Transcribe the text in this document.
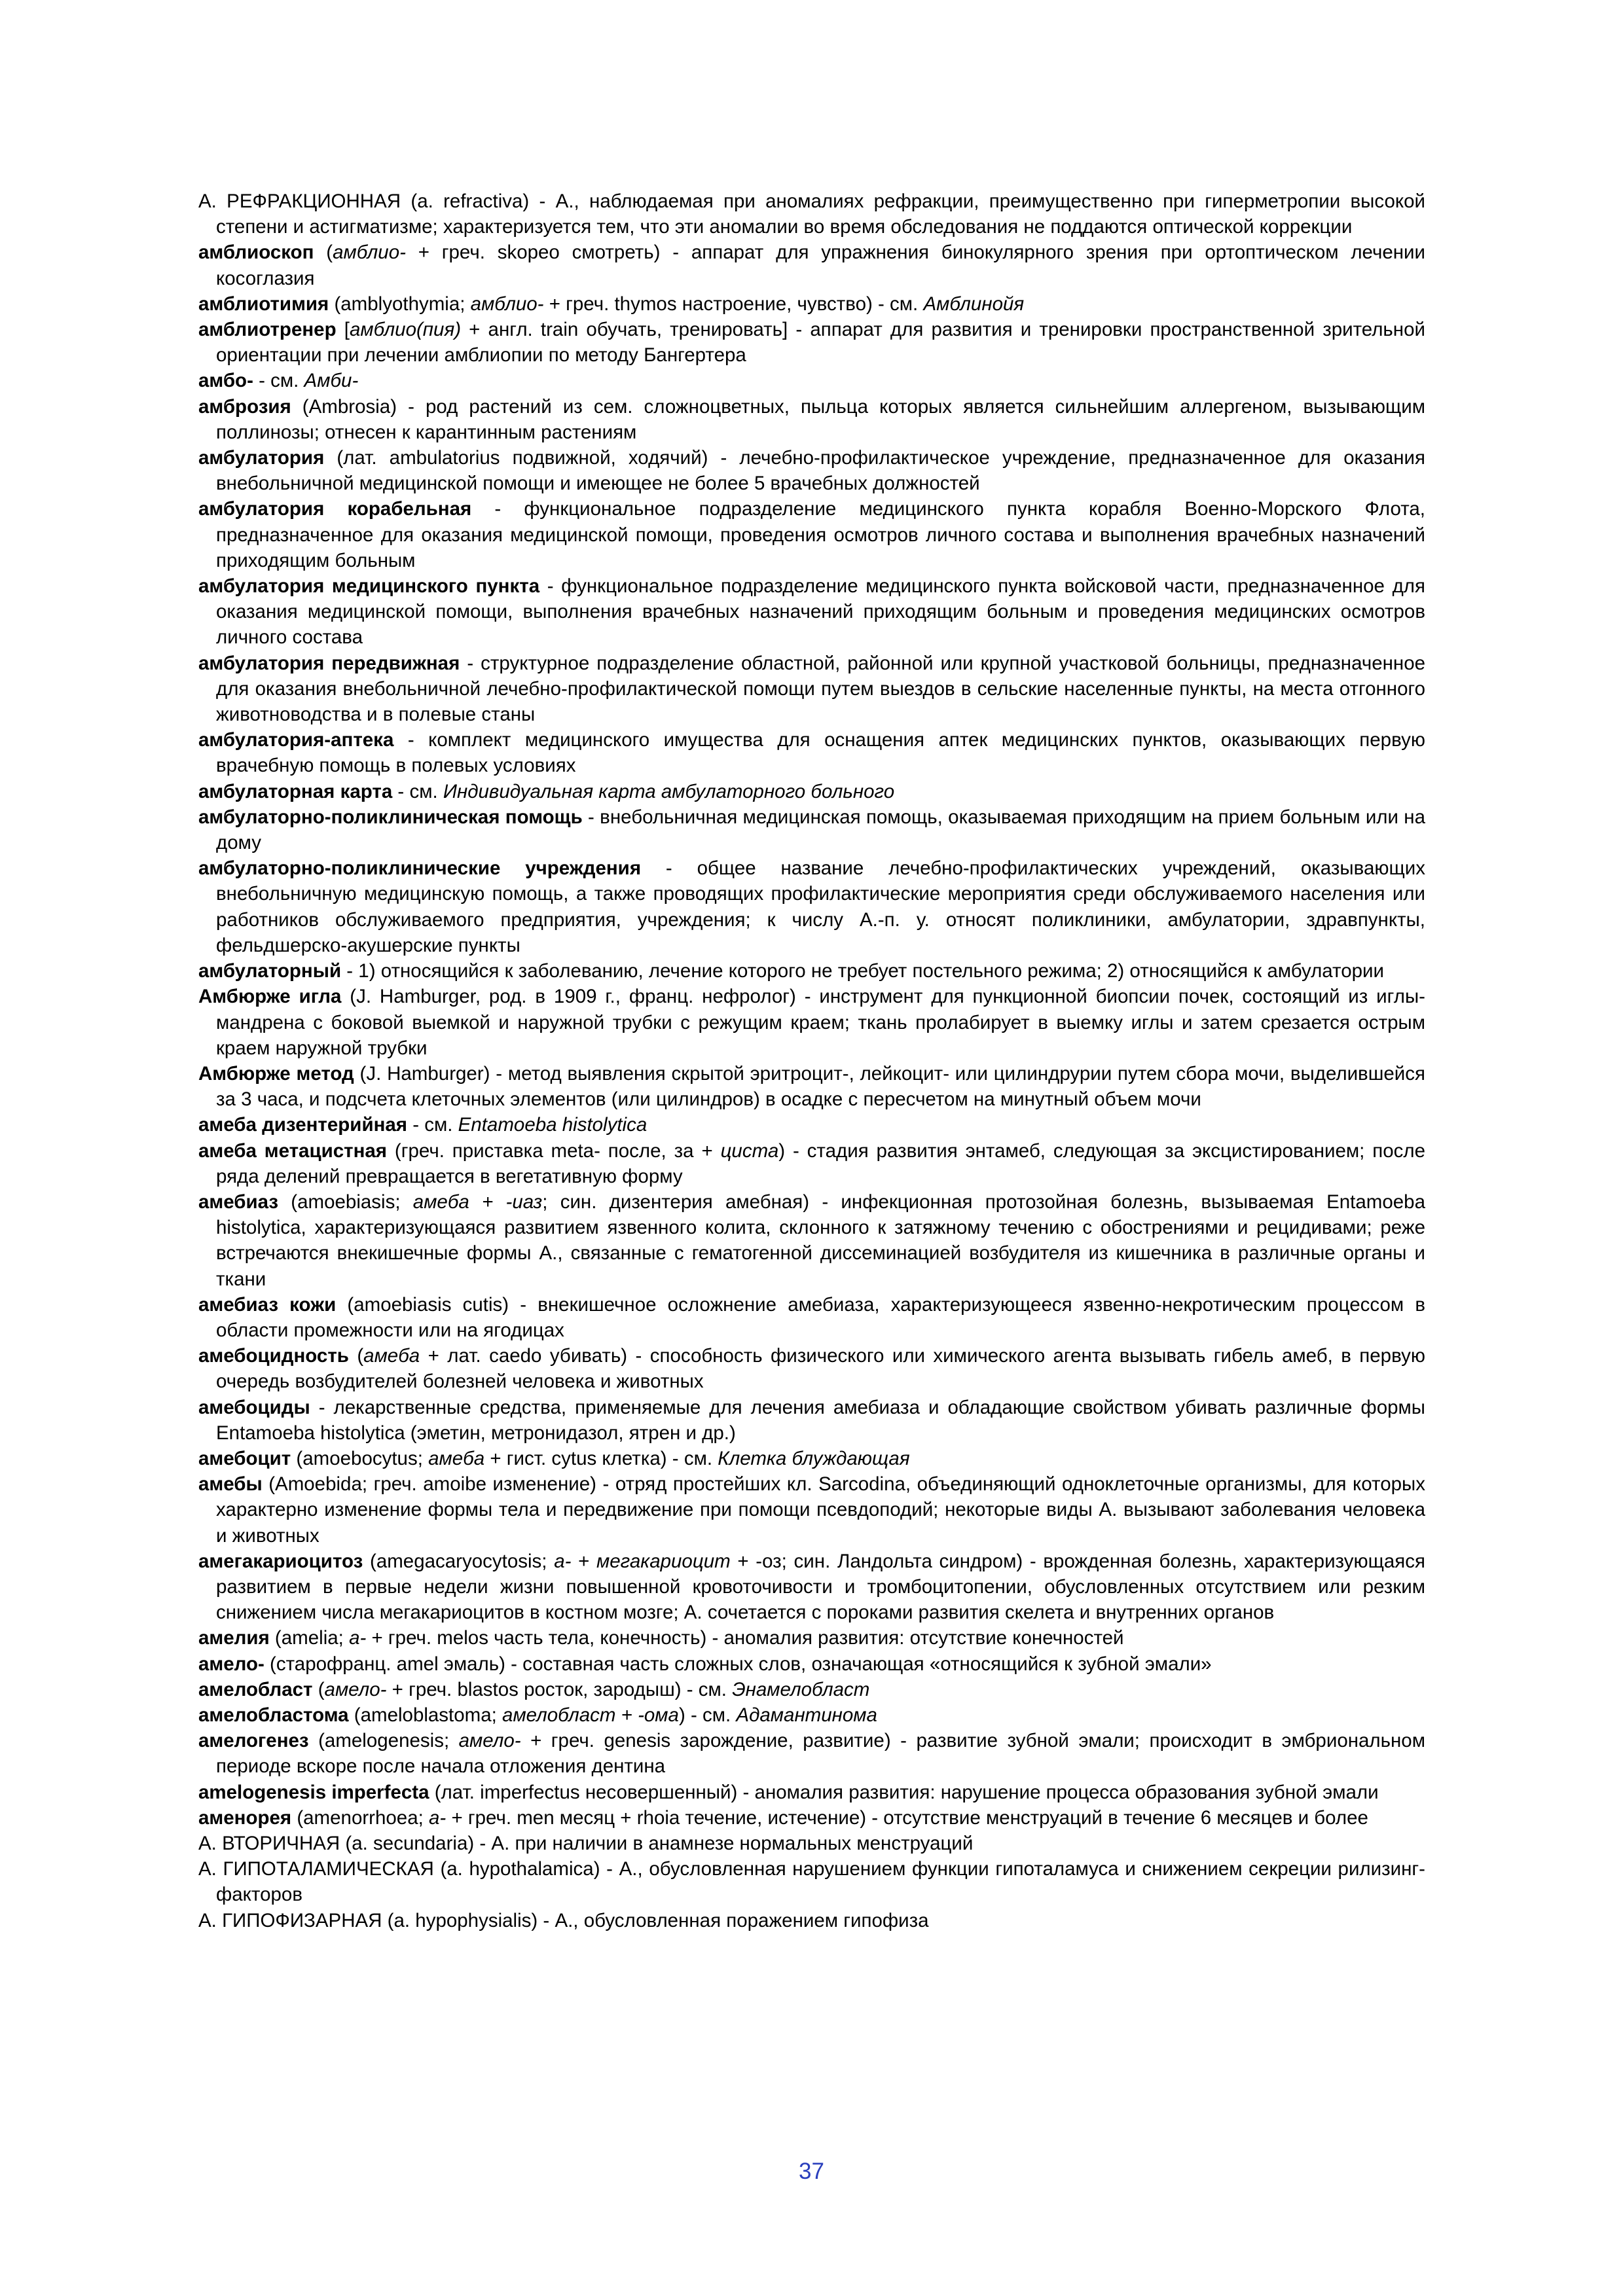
А. РЕФРАКЦИОННАЯ (a. refractiva) - А., наблюдаемая при аномалиях рефракции, преимущественно при гиперметропии высокой степени и астигматизме; характеризуется тем, что эти аномалии во время обследования не поддаются оптической коррекции

амблиоскоп (амблио- + греч. skopeo смотреть) - аппарат для упражнения бинокулярного зрения при ортоптическом лечении косоглазия

амблиотимия (amblyothymia; амблио- + греч. thymos настроение, чувство) - см. Амблинойя

амблиотренер [амблио(пия) + англ. train обучать, тренировать] - аппарат для развития и тренировки пространственной зрительной ориентации при лечении амблиопии по методу Бангертера

амбо- - см. Амби-

амброзия (Ambrosia) - род растений из сем. сложноцветных, пыльца которых является сильнейшим аллергеном, вызывающим поллинозы; отнесен к карантинным растениям

амбулатория (лат. ambulatorius подвижной, ходячий) - лечебно-профилактическое учреждение, предназначенное для оказания внебольничной медицинской помощи и имеющее не более 5 врачебных должностей

амбулатория корабельная - функциональное подразделение медицинского пункта корабля Военно-Морского Флота, предназначенное для оказания медицинской помощи, проведения осмотров личного состава и выполнения врачебных назначений приходящим больным

амбулатория медицинского пункта - функциональное подразделение медицинского пункта войсковой части, предназначенное для оказания медицинской помощи, выполнения врачебных назначений приходящим больным и проведения медицинских осмотров личного состава

амбулатория передвижная - структурное подразделение областной, районной или крупной участковой больницы, предназначенное для оказания внебольничной лечебно-профилактической помощи путем выездов в сельские населенные пункты, на места отгонного животноводства и в полевые станы

амбулатория-аптека - комплект медицинского имущества для оснащения аптек медицинских пунктов, оказывающих первую врачебную помощь в полевых условиях

амбулаторная карта - см. Индивидуальная карта амбулаторного больного

амбулаторно-поликлиническая помощь - внебольничная медицинская помощь, оказываемая приходящим на прием больным или на дому

амбулаторно-поликлинические учреждения - общее название лечебно-профилактических учреждений, оказывающих внебольничную медицинскую помощь, а также проводящих профилактические мероприятия среди обслуживаемого населения или работников обслуживаемого предприятия, учреждения; к числу А.-п. у. относят поликлиники, амбулатории, здравпункты, фельдшерско-акушерские пункты

амбулаторный - 1) относящийся к заболеванию, лечение которого не требует постельного режима; 2) относящийся к амбулатории

Амбюрже игла (J. Hamburger, род. в 1909 г., франц. нефролог) - инструмент для пункционной биопсии почек, состоящий из иглы-мандрена с боковой выемкой и наружной трубки с режущим краем; ткань пролабирует в выемку иглы и затем срезается острым краем наружной трубки

Амбюрже метод (J. Hamburger) - метод выявления скрытой эритроцит-, лейкоцит- или цилиндрурии путем сбора мочи, выделившейся за 3 часа, и подсчета клеточных элементов (или цилиндров) в осадке с пересчетом на минутный объем мочи

амеба дизентерийная - см. Entamoeba histolytica

амеба метацистная (греч. приставка meta- после, за + циста) - стадия развития энтамеб, следующая за эксцистированием; после ряда делений превращается в вегетативную форму

амебиаз (amoebiasis; амеба + -иаз; син. дизентерия амебная) - инфекционная протозойная болезнь, вызываемая Entamoeba histolytica, характеризующаяся развитием язвенного колита, склонного к затяжному течению с обострениями и рецидивами; реже встречаются внекишечные формы А., связанные с гематогенной диссеминацией возбудителя из кишечника в различные органы и ткани

амебиаз кожи (amoebiasis cutis) - внекишечное осложнение амебиаза, характеризующееся язвенно-некротическим процессом в области промежности или на ягодицах

амебоцидность (амеба + лат. caedo убивать) - способность физического или химического агента вызывать гибель амеб, в первую очередь возбудителей болезней человека и животных

амебоциды - лекарственные средства, применяемые для лечения амебиаза и обладающие свойством убивать различные формы Entamoeba histolytica (эметин, метронидазол, ятрен и др.)

амебоцит (amoebocytus; амеба + гист. cytus клетка) - см. Клетка блуждающая

амебы (Amoebida; греч. amoibe изменение) - отряд простейших кл. Sarcodina, объединяющий одноклеточные организмы, для которых характерно изменение формы тела и передвижение при помощи псевдоподий; некоторые виды А. вызывают заболевания человека и животных

амегакариоцитоз (amegacaryocytosis; а- + мегакариоцит + -оз; син. Ландольта синдром) - врожденная болезнь, характеризующаяся развитием в первые недели жизни повышенной кровоточивости и тромбоцитопении, обусловленных отсутствием или резким снижением числа мегакариоцитов в костном мозге; А. сочетается с пороками развития скелета и внутренних органов

амелия (amelia; а- + греч. melos часть тела, конечность) - аномалия развития: отсутствие конечностей

амело- (старофранц. amel эмаль) - составная часть сложных слов, означающая «относящийся к зубной эмали»

амелобласт (амело- + греч. blastos росток, зародыш) - см. Энамелобласт

амелобластома (ameloblastoma; амелобласт + -ома) - см. Адамантинома

амелогенез (amelogenesis; амело- + греч. genesis зарождение, развитие) - развитие зубной эмали; происходит в эмбриональном периоде вскоре после начала отложения дентина

amelogenesis imperfecta (лат. imperfectus несовершенный) - аномалия развития: нарушение процесса образования зубной эмали

аменорея (amenorrhoea; а- + греч. men месяц + rhoia течение, истечение) - отсутствие менструаций в течение 6 месяцев и более

А. ВТОРИЧНАЯ (a. secundaria) - А. при наличии в анамнезе нормальных менструаций

А. ГИПОТАЛАМИЧЕСКАЯ (a. hypothalamica) - А., обусловленная нарушением функции гипоталамуса и снижением секреции рилизинг-факторов

А. ГИПОФИЗАРНАЯ (a. hypophysialis) - А., обусловленная поражением гипофиза

37
